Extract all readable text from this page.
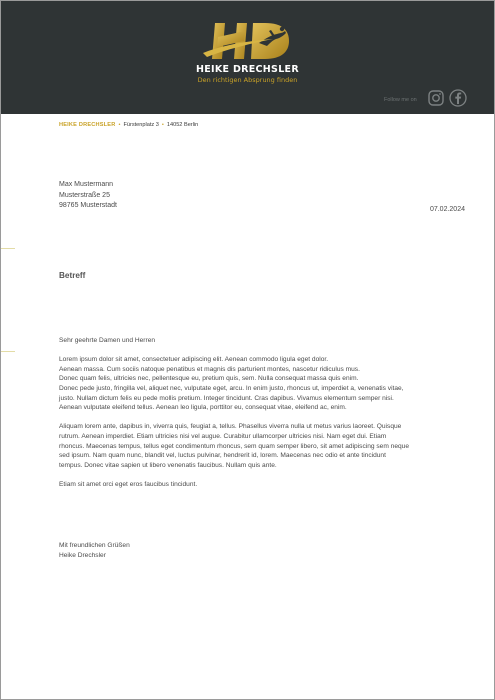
HEIKE DRECHSLER
Den richtigen Absprung finden
Follow me on
HEIKE DRECHSLER • Fürstenplatz 3 • 14052 Berlin
Max Mustermann
Musterstraße 25
98765 Musterstadt
07.02.2024
Betreff

Sehr geehrte Damen und Herren

Lorem ipsum dolor sit amet, consectetuer adipiscing elit. Aenean commodo ligula eget dolor.
Aenean massa. Cum sociis natoque penatibus et magnis dis parturient montes, nascetur ridiculus mus.
Donec quam felis, ultricies nec, pellentesque eu, pretium quis, sem. Nulla consequat massa quis enim.
Donec pede justo, fringilla vel, aliquet nec, vulputate eget, arcu. In enim justo, rhoncus ut, imperdiet a, venenatis vitae,
justo. Nullam dictum felis eu pede mollis pretium. Integer tincidunt. Cras dapibus. Vivamus elementum semper nisi.
Aenean vulputate eleifend tellus. Aenean leo ligula, porttitor eu, consequat vitae, eleifend ac, enim.

Aliquam lorem ante, dapibus in, viverra quis, feugiat a, tellus. Phasellus viverra nulla ut metus varius laoreet. Quisque
rutrum. Aenean imperdiet. Etiam ultricies nisi vel augue. Curabitur ullamcorper ultricies nisi. Nam eget dui. Etiam
rhoncus. Maecenas tempus, tellus eget condimentum rhoncus, sem quam semper libero, sit amet adipiscing sem neque
sed ipsum. Nam quam nunc, blandit vel, luctus pulvinar, hendrerit id, lorem. Maecenas nec odio et ante tincidunt
tempus. Donec vitae sapien ut libero venenatis faucibus. Nullam quis ante.

Etiam sit amet orci eget eros faucibus tincidunt.

Mit freundlichen Grüßen
Heike Drechsler
